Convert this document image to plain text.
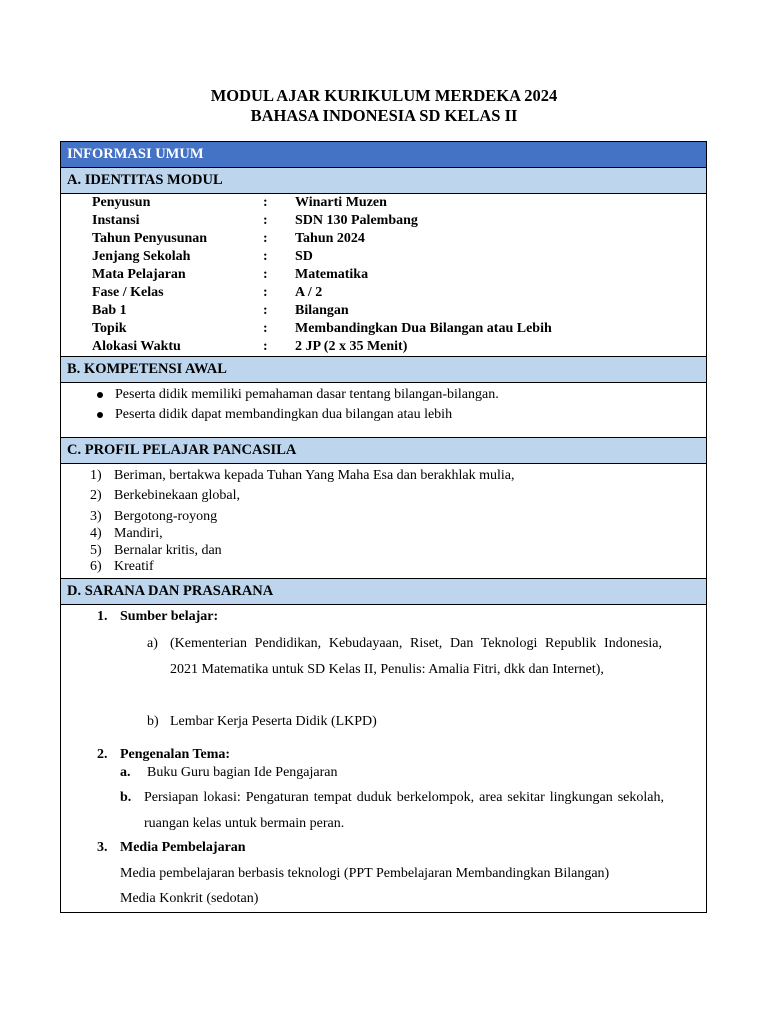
MODUL AJAR KURIKULUM MERDEKA 2024
BAHASA INDONESIA SD KELAS II
INFORMASI UMUM
A. IDENTITAS MODUL
Penyusun	: Winarti Muzen
Instansi	: SDN 130 Palembang
Tahun Penyusunan	: Tahun 2024
Jenjang Sekolah	: SD
Mata Pelajaran	: Matematika
Fase / Kelas	: A / 2
Bab 1	: Bilangan
Topik	: Membandingkan Dua Bilangan atau Lebih
Alokasi Waktu	: 2 JP (2 x 35 Menit)
B. KOMPETENSI AWAL
Peserta didik memiliki pemahaman dasar tentang bilangan-bilangan.
Peserta didik dapat membandingkan dua bilangan atau lebih
C. PROFIL PELAJAR PANCASILA
1) Beriman, bertakwa kepada Tuhan Yang Maha Esa dan berakhlak mulia,
2) Berkebinekaan global,
3) Bergotong-royong
4) Mandiri,
5) Bernalar kritis, dan
6) Kreatif
D. SARANA DAN PRASARANA
1. Sumber belajar:
a) (Kementerian Pendidikan, Kebudayaan, Riset, Dan Teknologi Republik Indonesia, 2021 Matematika untuk SD Kelas II, Penulis: Amalia Fitri, dkk dan Internet),
b) Lembar Kerja Peserta Didik (LKPD)
2. Pengenalan Tema:
a. Buku Guru bagian Ide Pengajaran
b. Persiapan lokasi: Pengaturan tempat duduk berkelompok, area sekitar lingkungan sekolah, ruangan kelas untuk bermain peran.
3. Media Pembelajaran
Media pembelajaran berbasis teknologi (PPT Pembelajaran Membandingkan Bilangan)
Media Konkrit (sedotan)
